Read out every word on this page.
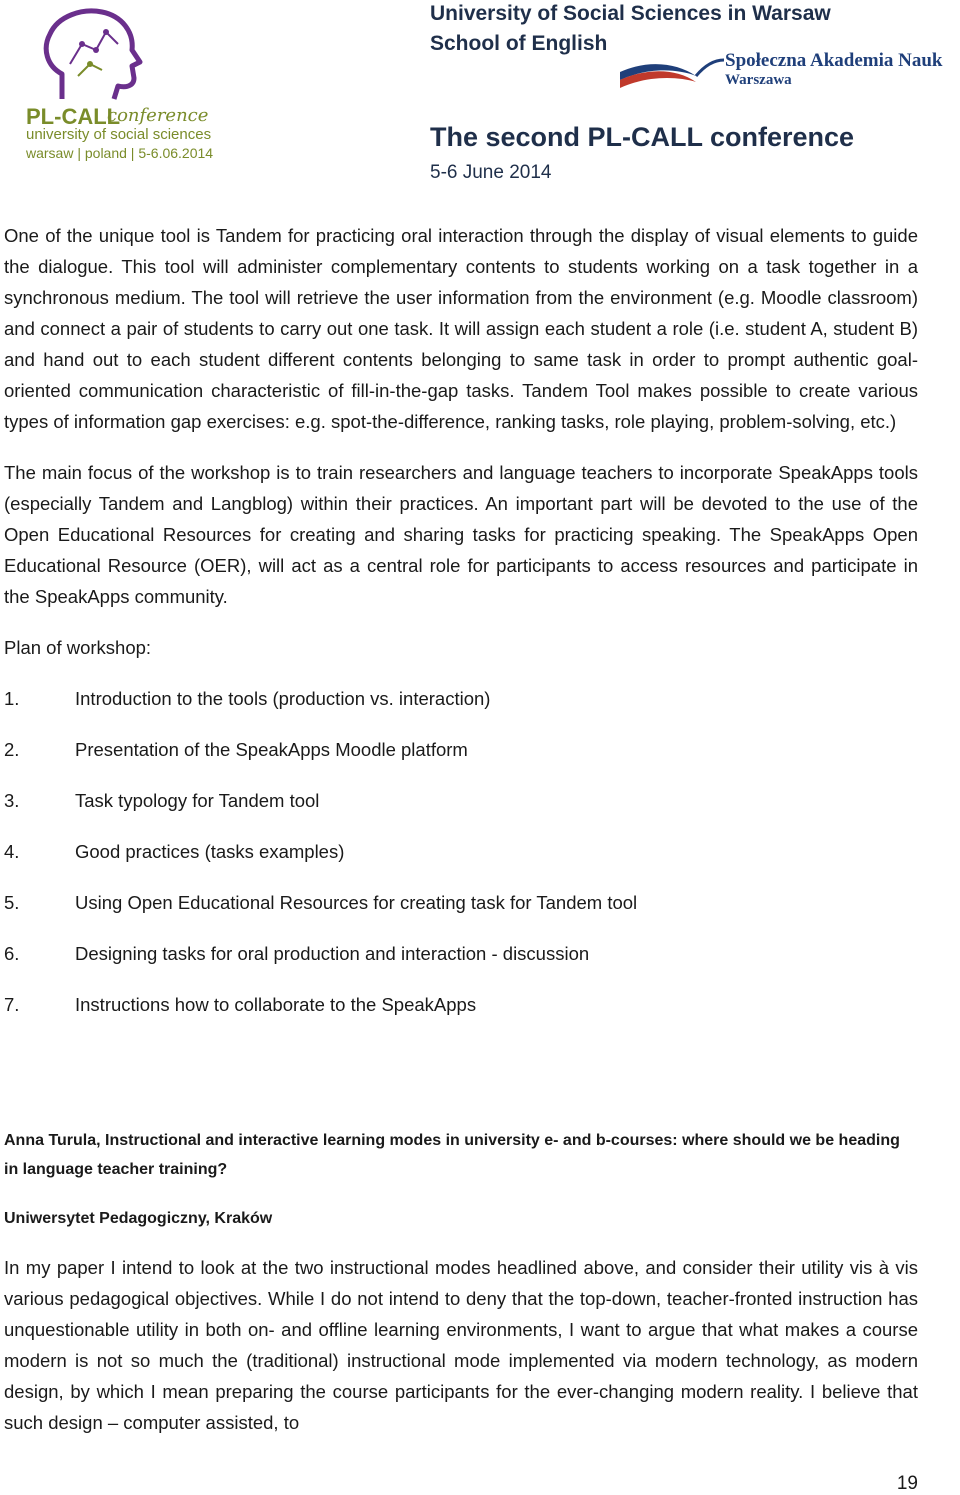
PL-CALL
conference
university of social sciences
warsaw | poland | 5-6.06.2014
University of Social Sciences in Warsaw
School of English
Społeczna Akademia Nauk
Warszawa
The second PL-CALL conference
5-6 June 2014

One of the unique tool is Tandem for practicing oral interaction through the display of visual elements to guide the dialogue. This tool will administer complementary contents to students working on a task together in a synchronous medium. The tool will retrieve the user information from the environment (e.g. Moodle classroom) and connect a pair of students to carry out one task. It will assign each student a role (i.e. student A, student B) and hand out to each student different contents belonging to same task in order to prompt authentic goal-oriented communication characteristic of fill-in-the-gap tasks. Tandem Tool makes possible to create various types of information gap exercises: e.g. spot-the-difference, ranking tasks, role playing, problem-solving, etc.)

The main focus of the workshop is to train researchers and language teachers to incorporate SpeakApps tools (especially Tandem and Langblog) within their practices. An important part will be devoted to the use of the Open Educational Resources for creating and sharing tasks for practicing speaking. The SpeakApps Open Educational Resource (OER), will act as a central role for participants to access resources and participate in the SpeakApps community.

Plan of workshop:

1.	Introduction to the tools (production vs. interaction)
2.	Presentation of the SpeakApps Moodle platform
3.	Task typology for Tandem tool
4.	Good practices (tasks examples)
5.	Using Open Educational Resources for creating task for Tandem tool
6.	Designing tasks for oral production and interaction - discussion
7.	Instructions how to collaborate to the SpeakApps

Anna Turula, Instructional and interactive learning modes in university e- and b-courses: where should we be heading in language teacher training?

Uniwersytet Pedagogiczny, Kraków

In my paper I intend to look at the two instructional modes headlined above, and consider their utility vis à vis various pedagogical objectives. While I do not intend to deny that the top-down, teacher-fronted instruction has unquestionable utility in both on- and offline learning environments, I want to argue that what makes a course modern is not so much the (traditional) instructional mode implemented via modern technology, as modern design, by which I mean preparing the course participants for the ever-changing modern reality. I believe that such design – computer assisted, to

19
